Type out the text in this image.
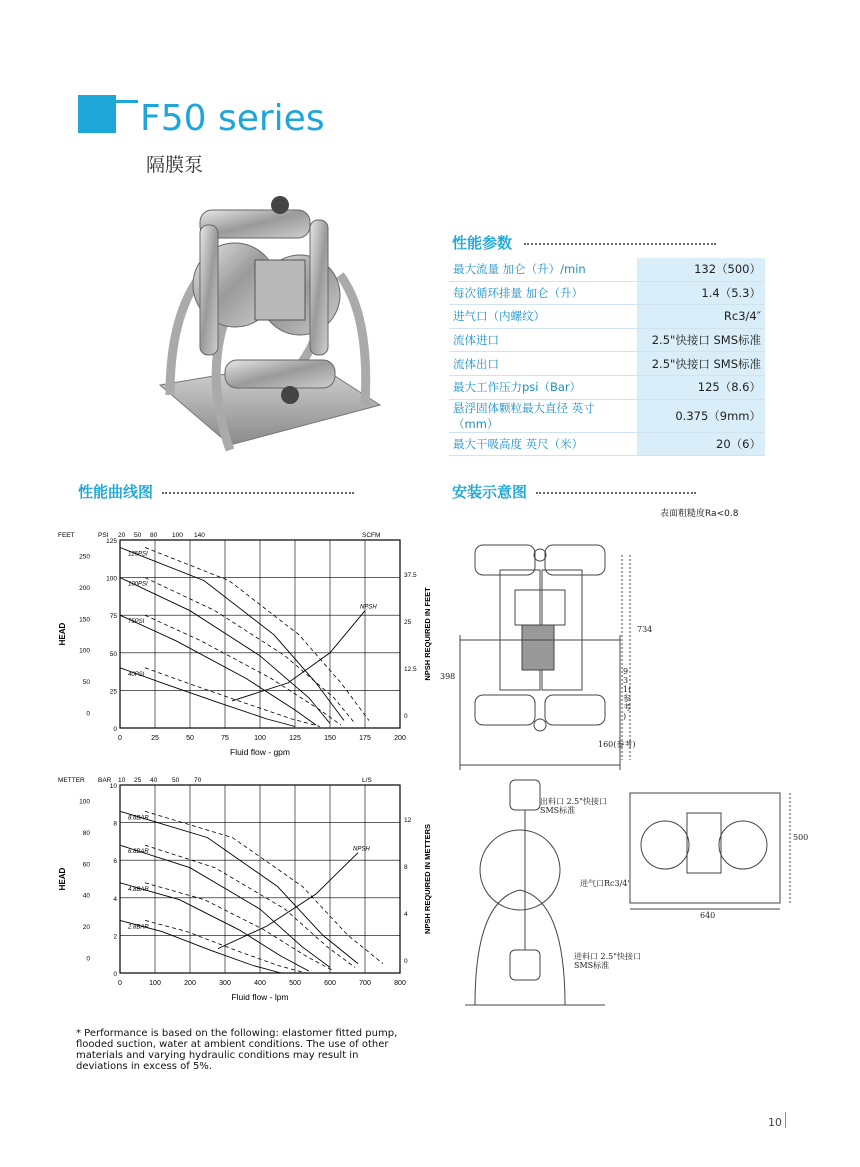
F50 series
隔膜泵
性能参数
最大流量 加仑（升）/min	132（500）
每次循环排量 加仑（升）	1.4（5.3）
进气口（内螺纹）	Rc3/4″
流体进口	2.5"快接口 SMS标准
流体出口	2.5"快接口 SMS标准
最大工作压力psi（Bar）	125（8.6）
悬浮固体颗粒最大直径 英寸（mm）	0.375（9mm）
最大干吸高度 英尺（米）	20（6）
性能曲线图	安装示意图
表面粗糙度Ra<0.8
0	25	50	75	100	125	150	175	200
125
100
75
50
25
0
250
200
150
100
50
0
37.5
25
12.5
0
FEET	PSI 20 50 80 100 140	SCFM
Fluid flow - gpm
HEAD	NPSH REQUIRED IN FEET
125PSI
100PSI
75PSI
40PSI
NPSH
0	100	200	300	400	500	600	700	800
10
8
6
4
2
0
100
80
60
40
20
0
12
8
4
0
METTER BAR 10 25 40 50 70	L/S
Fluid flow - lpm
HEAD	NPSH REQUIRED IN METTERS
8.6BAR
6.8BAR
4.8BAR
2.8BAR
NPSH
734
931(参考)
398
160(参考)
出料口 2.5"快接口
SMS标准
进气口Rc3/4"
进料口 2.5"快接口
SMS标准
500
640
* Performance is based on the following: elastomer fitted pump, flooded suction, water at ambient conditions. The use of other materials and varying hydraulic conditions may result in deviations in excess of 5%.
10
